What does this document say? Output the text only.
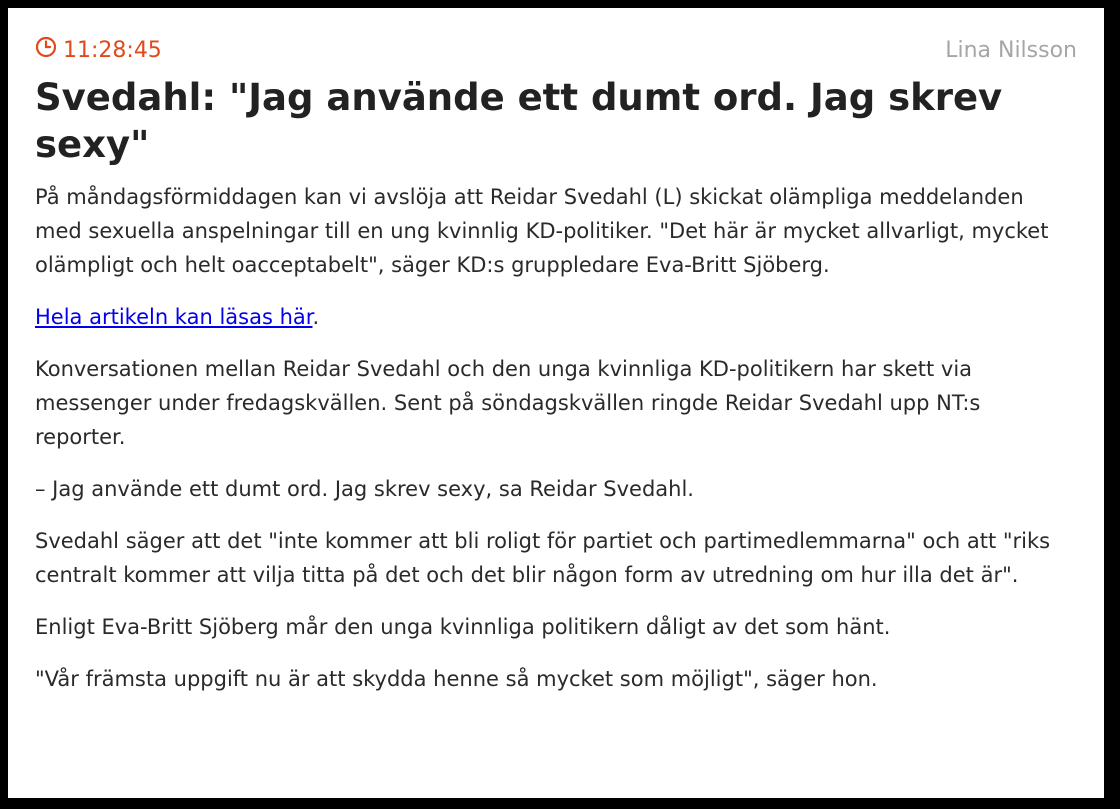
11:28:45	Lina Nilsson
Svedahl: "Jag använde ett dumt ord. Jag skrev sexy"

På måndagsförmiddagen kan vi avslöja att Reidar Svedahl (L) skickat olämpliga meddelanden med sexuella anspelningar till en ung kvinnlig KD-politiker. "Det här är mycket allvarligt, mycket olämpligt och helt oacceptabelt", säger KD:s gruppledare Eva-Britt Sjöberg.

Hela artikeln kan läsas här.

Konversationen mellan Reidar Svedahl och den unga kvinnliga KD-politikern har skett via messenger under fredagskvällen. Sent på söndagskvällen ringde Reidar Svedahl upp NT:s reporter.

– Jag använde ett dumt ord. Jag skrev sexy, sa Reidar Svedahl.

Svedahl säger att det "inte kommer att bli roligt för partiet och partimedlemmarna" och att "riks centralt kommer att vilja titta på det och det blir någon form av utredning om hur illa det är".

Enligt Eva-Britt Sjöberg mår den unga kvinnliga politikern dåligt av det som hänt.

"Vår främsta uppgift nu är att skydda henne så mycket som möjligt", säger hon.
